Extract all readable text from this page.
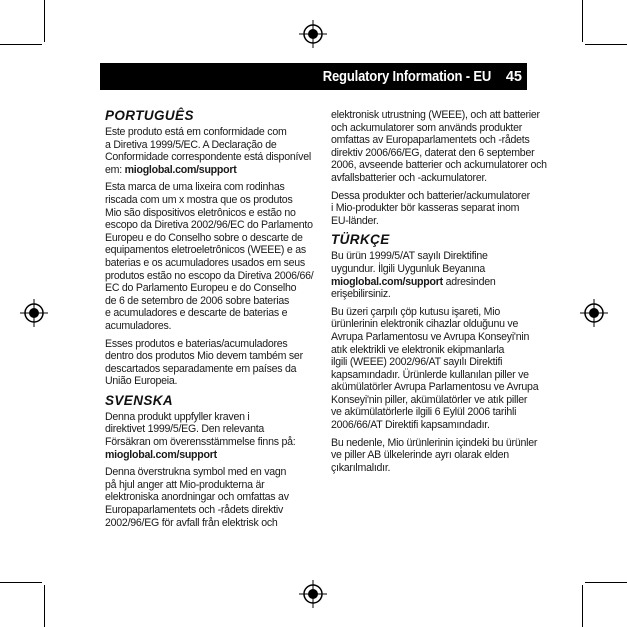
Regulatory Information - EU 45
PORTUGUÊS

Este produto está em conformidade com
a Diretiva 1999/5/EC. A Declaração de
Conformidade correspondente está disponível
em: mioglobal.com/support

Esta marca de uma lixeira com rodinhas
riscada com um x mostra que os produtos
Mio são dispositivos eletrônicos e estão no
escopo da Diretiva 2002/96/EC do Parlamento
Europeu e do Conselho sobre o descarte de
equipamentos eletroeletrônicos (WEEE) e as
baterias e os acumuladores usados em seus
produtos estão no escopo da Diretiva 2006/66/
EC do Parlamento Europeu e do Conselho
de 6 de setembro de 2006 sobre baterias
e acumuladores e descarte de baterias e
acumuladores.

Esses produtos e baterias/acumuladores
dentro dos produtos Mio devem também ser
descartados separadamente em países da
União Europeia.

SVENSKA

Denna produkt uppfyller kraven i
direktivet 1999/5/EG. Den relevanta
Försäkran om överensstämmelse finns på:
mioglobal.com/support

Denna överstrukna symbol med en vagn
på hjul anger att Mio-produkterna är
elektroniska anordningar och omfattas av
Europaparlamentets och -rådets direktiv
2002/96/EG för avfall från elektrisk och

elektronisk utrustning (WEEE), och att batterier
och ackumulatorer som används produkter
omfattas av Europaparlamentets och -rådets
direktiv 2006/66/EG, daterat den 6 september
2006, avseende batterier och ackumulatorer och
avfallsbatterier och -ackumulatorer.

Dessa produkter och batterier/ackumulatorer
i Mio-produkter bör kasseras separat inom
EU-länder.

TÜRKÇE

Bu ürün 1999/5/AT sayılı Direktifine
uygundur. İlgili Uygunluk Beyanına
mioglobal.com/support adresinden
erişebilirsiniz.

Bu üzeri çarpılı çöp kutusu işareti, Mio
ürünlerinin elektronik cihazlar olduğunu ve
Avrupa Parlamentosu ve Avrupa Konseyi'nin
atık elektrikli ve elektronik ekipmanlarla
ilgili (WEEE) 2002/96/AT sayılı Direktifi
kapsamındadır. Ürünlerde kullanılan piller ve
akümülatörler Avrupa Parlamentosu ve Avrupa
Konseyi'nin piller, akümülatörler ve atık piller
ve akümülatörlerle ilgili 6 Eylül 2006 tarihli
2006/66/AT Direktifi kapsamındadır.

Bu nedenle, Mio ürünlerinin içindeki bu ürünler
ve piller AB ülkelerinde ayrı olarak elden
çıkarılmalıdır.
